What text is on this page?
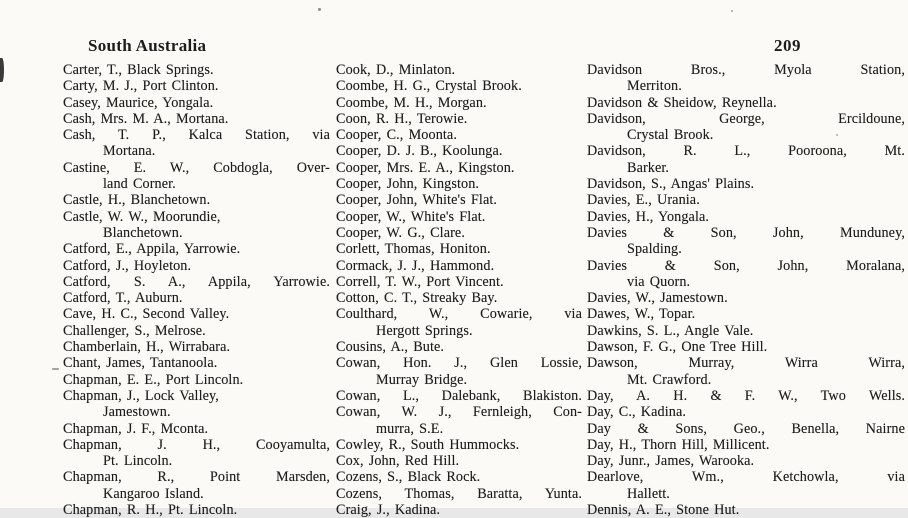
South Australia	209
Carter, T., Black Springs.
Carty, M. J., Port Clinton.
Casey, Maurice, Yongala.
Cash, Mrs. M. A., Mortana.
Cash, T. P., Kalca Station, via
Mortana.
Castine, E. W., Cobdogla, Over-
land Corner.
Castle, H., Blanchetown.
Castle, W. W., Moorundie,
Blanchetown.
Catford, E., Appila, Yarrowie.
Catford, J., Hoyleton.
Catford, S. A., Appila, Yarrowie.
Catford, T., Auburn.
Cave, H. C., Second Valley.
Challenger, S., Melrose.
Chamberlain, H., Wirrabara.
Chant, James, Tantanoola.
Chapman, E. E., Port Lincoln.
Chapman, J., Lock Valley,
Jamestown.
Chapman, J. F., Mconta.
Chapman, J. H., Cooyamulta,
Pt. Lincoln.
Chapman, R., Point Marsden,
Kangaroo Island.
Chapman, R. H., Pt. Lincoln.
Cook, D., Minlaton.
Coombe, H. G., Crystal Brook.
Coombe, M. H., Morgan.
Coon, R. H., Terowie.
Cooper, C., Moonta.
Cooper, D. J. B., Koolunga.
Cooper, Mrs. E. A., Kingston.
Cooper, John, Kingston.
Cooper, John, White's Flat.
Cooper, W., White's Flat.
Cooper, W. G., Clare.
Corlett, Thomas, Honiton.
Cormack, J. J., Hammond.
Correll, T. W., Port Vincent.
Cotton, C. T., Streaky Bay.
Coulthard, W., Cowarie, via
Hergott Springs.
Cousins, A., Bute.
Cowan, Hon. J., Glen Lossie,
Murray Bridge.
Cowan, L., Dalebank, Blakiston.
Cowan, W. J., Fernleigh, Con-
murra, S.E.
Cowley, R., South Hummocks.
Cox, John, Red Hill.
Cozens, S., Black Rock.
Cozens, Thomas, Baratta, Yunta.
Craig, J., Kadina.
Davidson Bros., Myola Station,
Merriton.
Davidson & Sheidow, Reynella.
Davidson, George, Ercildoune,
Crystal Brook.
Davidson, R. L., Pooroona, Mt.
Barker.
Davidson, S., Angas' Plains.
Davies, E., Urania.
Davies, H., Yongala.
Davies & Son, John, Munduney,
Spalding.
Davies & Son, John, Moralana,
via Quorn.
Davies, W., Jamestown.
Dawes, W., Topar.
Dawkins, S. L., Angle Vale.
Dawson, F. G., One Tree Hill.
Dawson, Murray, Wirra Wirra,
Mt. Crawford.
Day, A. H. & F. W., Two Wells.
Day, C., Kadina.
Day & Sons, Geo., Benella, Nairne
Day, H., Thorn Hill, Millicent.
Day, Junr., James, Warooka.
Dearlove, Wm., Ketchowla, via
Hallett.
Dennis, A. E., Stone Hut.
